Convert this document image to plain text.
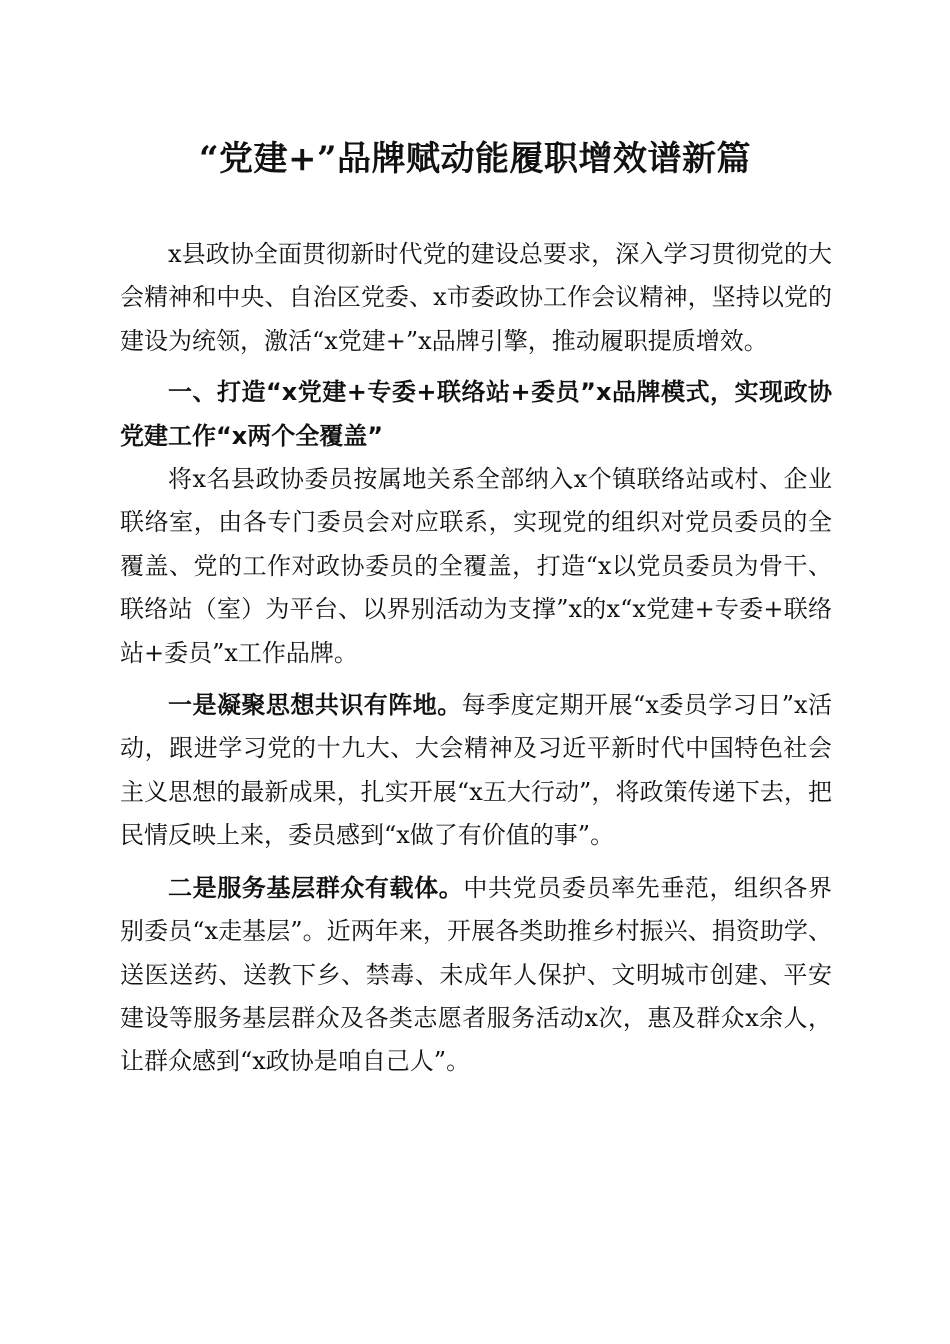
“党建+”品牌赋动能履职增效谱新篇

x县政协全面贯彻新时代党的建设总要求，深入学习贯彻党的大会精神和中央、自治区党委、x市委政协工作会议精神，坚持以党的建设为统领，激活“x党建+”x品牌引擎，推动履职提质增效。

一、打造“x党建+专委+联络站+委员”x品牌模式，实现政协党建工作“x两个全覆盖”

将x名县政协委员按属地关系全部纳入x个镇联络站或村、企业联络室，由各专门委员会对应联系，实现党的组织对党员委员的全覆盖、党的工作对政协委员的全覆盖，打造“x以党员委员为骨干、联络站（室）为平台、以界别活动为支撑”x的x“x党建+专委+联络站+委员”x工作品牌。

一是凝聚思想共识有阵地。每季度定期开展“x委员学习日”x活动，跟进学习党的十九大、大会精神及习近平新时代中国特色社会主义思想的最新成果，扎实开展“x五大行动”，将政策传递下去，把民情反映上来，委员感到“x做了有价值的事”。

二是服务基层群众有载体。中共党员委员率先垂范，组织各界别委员“x走基层”。近两年来，开展各类助推乡村振兴、捐资助学、送医送药、送教下乡、禁毒、未成年人保护、文明城市创建、平安建设等服务基层群众及各类志愿者服务活动x次，惠及群众x余人，让群众感到“x政协是咱自己人”。
